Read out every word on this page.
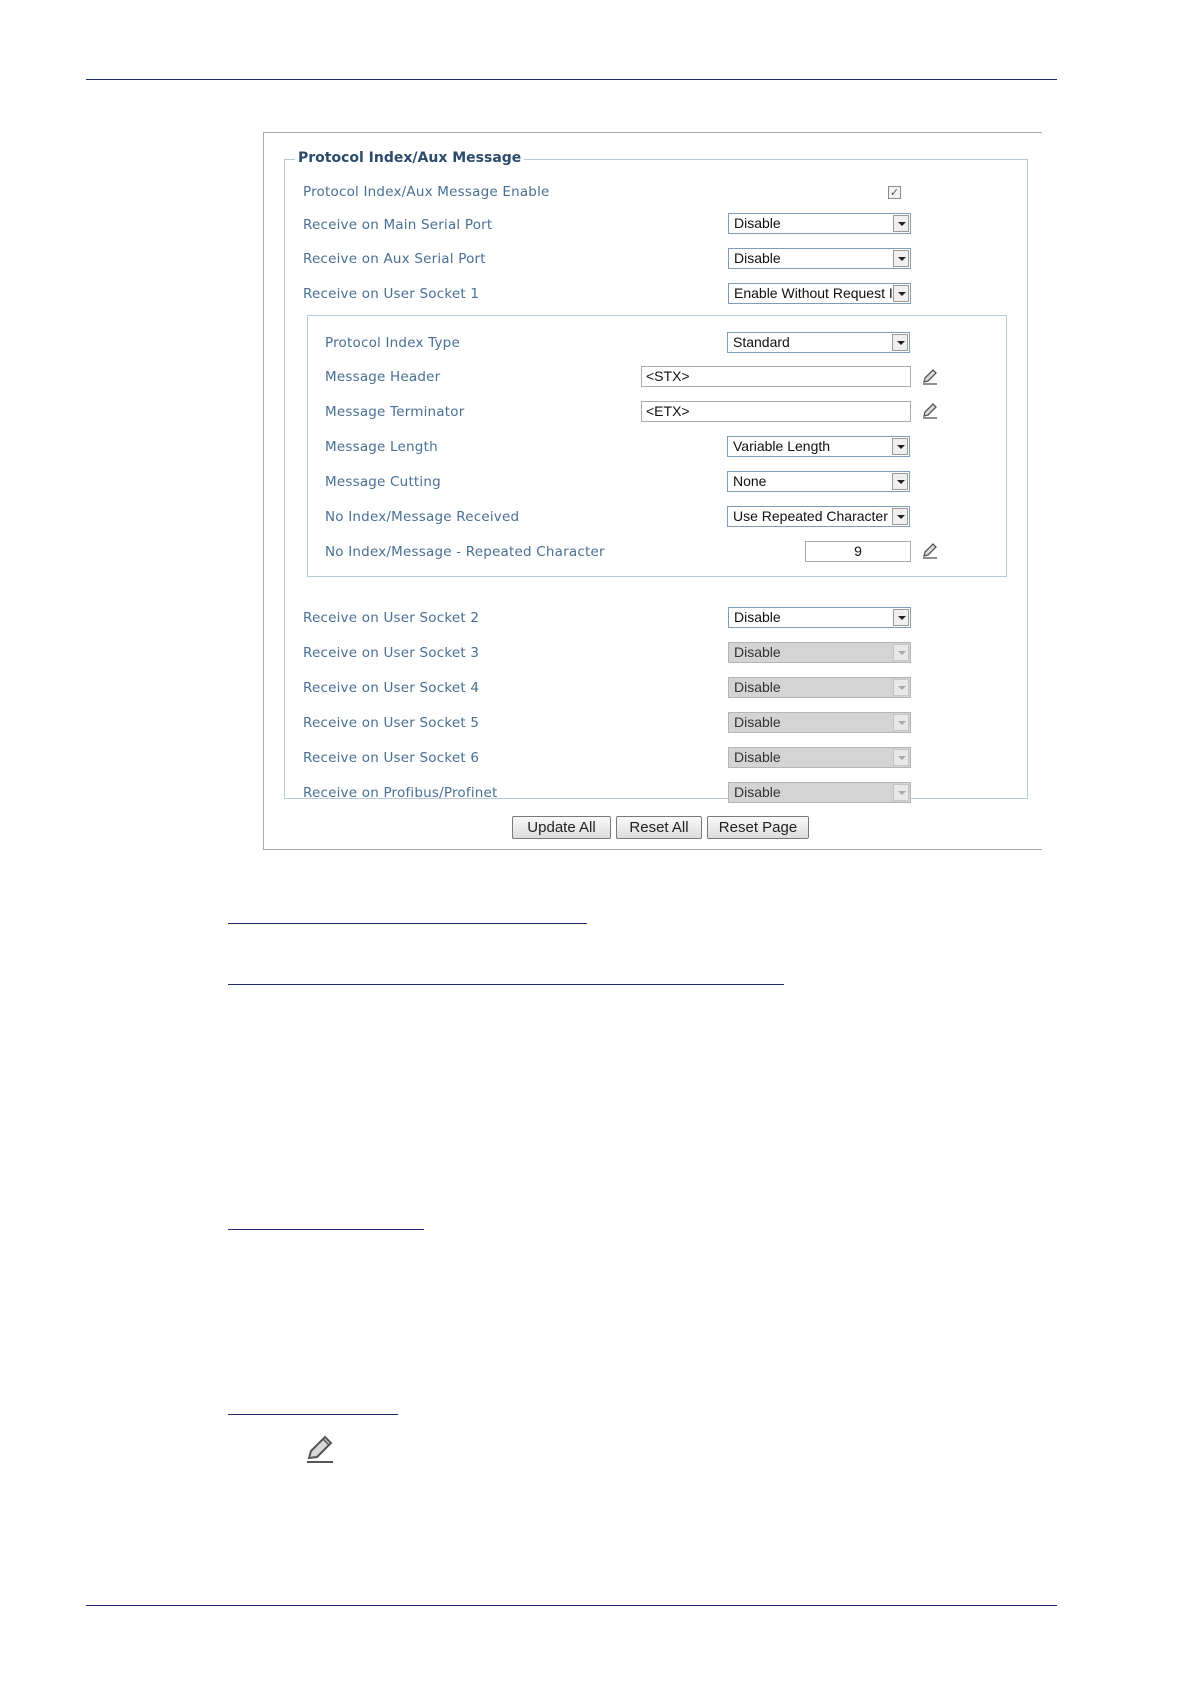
Protocol Index/Aux Message
Protocol Index/Aux Message Enable	✓
Receive on Main Serial Port	Disable
Receive on Aux Serial Port	Disable
Receive on User Socket 1	Enable Without Request I
Protocol Index Type	Standard
Message Header	<STX>
Message Terminator	<ETX>
Message Length	Variable Length
Message Cutting	None
No Index/Message Received	Use Repeated Character
No Index/Message - Repeated Character	9
Receive on User Socket 2	Disable
Receive on User Socket 3	Disable
Receive on User Socket 4	Disable
Receive on User Socket 5	Disable
Receive on User Socket 6	Disable
Receive on Profibus/Profinet	Disable
Update All	Reset All	Reset Page
